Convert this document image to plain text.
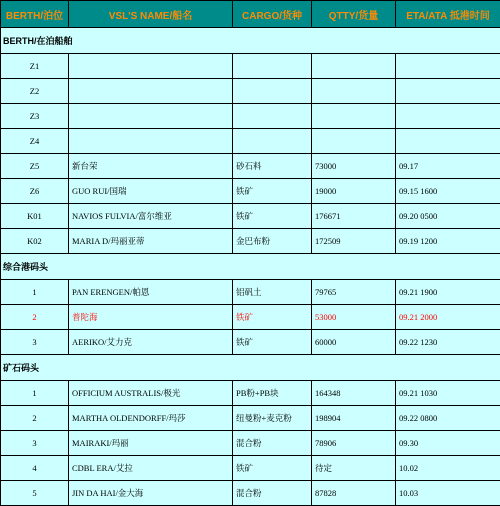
BERTH/泊位	VSL'S NAME/船名	CARGO/货种	QTTY/货量	ETA/ATA 抵港时间
BERTH/在泊船舶				
Z1				
Z2				
Z3				
Z4				
Z5	新台荣	砂石料	73000	09.17
Z6	GUO RUI/国瑞	铁矿	19000	09.15 1600
K01	NAVIOS FULVIA/富尔维亚	铁矿	176671	09.20 0500
K02	MARIA D/玛丽亚蒂	金巴布粉	172509	09.19 1200
综合港码头				
1	PAN ERENGEN/帕恩	铝矾土	79765	09.21 1900
2	普陀海	铁矿	53000	09.21 2000
3	AERIKO/艾力克	铁矿	60000	09.22 1230
矿石码头				
1	OFFICIUM AUSTRALIS/极光	PB粉+PB块	164348	09.21 1030
2	MARTHA OLDENDORFF/玛莎	纽曼粉+麦克粉	198904	09.22 0800
3	MAIRAKI/玛丽	混合粉	78906	09.30
4	CDBL ERA/艾拉	铁矿	待定	10.02
5	JIN DA HAI/金大海	混合粉	87828	10.03
